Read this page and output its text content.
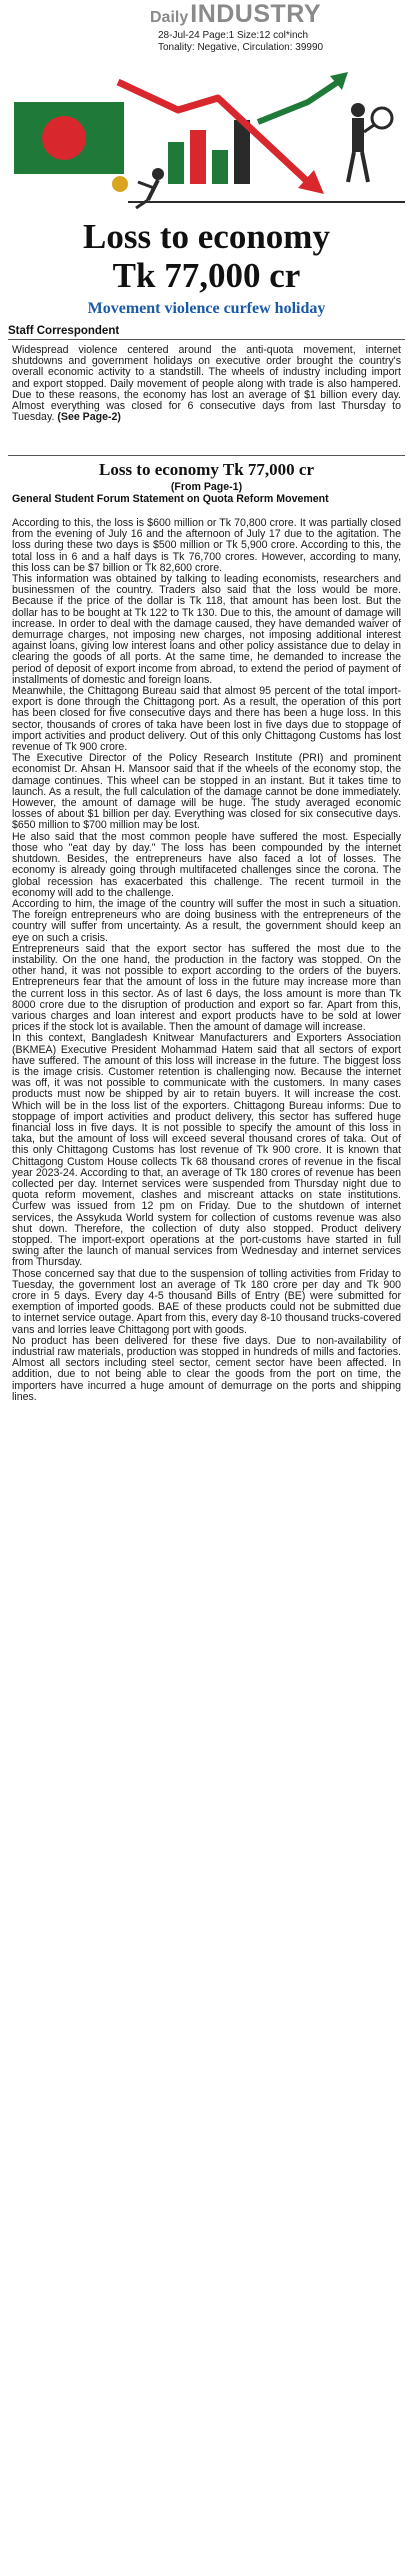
Daily INDUSTRY
28-Jul-24 Page:1 Size:12 col*inch
Tonality: Negative, Circulation: 39990
Loss to economy
Tk 77,000 cr
Movement violence curfew holiday
Staff Correspondent
Widespread violence centered around the anti-quota movement, internet shutdowns and government holidays on executive order brought the country's overall economic activity to a standstill. The wheels of industry including import and export stopped. Daily movement of people along with trade is also hampered. Due to these reasons, the economy has lost an average of $1 billion every day. Almost everything was closed for 6 consecutive days from last Thursday to Tuesday. (See Page-2)
Loss to economy Tk 77,000 cr
(From Page-1)
General Student Forum Statement on Quota Reform Movement

According to this, the loss is $600 million or Tk 70,800 crore. It was partially closed from the evening of July 16 and the afternoon of July 17 due to the agitation. The loss during these two days is $500 million or Tk 5,900 crore. According to this, the total loss in 6 and a half days is Tk 76,700 crores. However, according to many, this loss can be $7 billion or Tk 82,600 crore.

This information was obtained by talking to leading economists, researchers and businessmen of the country. Traders also said that the loss would be more. Because if the price of the dollar is Tk 118, that amount has been lost. But the dollar has to be bought at Tk 122 to Tk 130. Due to this, the amount of damage will increase. In order to deal with the damage caused, they have demanded waiver of demurrage charges, not imposing new charges, not imposing additional interest against loans, giving low interest loans and other policy assistance due to delay in clearing the goods of all ports. At the same time, he demanded to increase the period of deposit of export income from abroad, to extend the period of payment of installments of domestic and foreign loans.

Meanwhile, the Chittagong Bureau said that almost 95 percent of the total import-export is done through the Chittagong port. As a result, the operation of this port has been closed for five consecutive days and there has been a huge loss. In this sector, thousands of crores of taka have been lost in five days due to stoppage of import activities and product delivery. Out of this only Chittagong Customs has lost revenue of Tk 900 crore.

The Executive Director of the Policy Research Institute (PRI) and prominent economist Dr. Ahsan H. Mansoor said that if the wheels of the economy stop, the damage continues. This wheel can be stopped in an instant. But it takes time to launch. As a result, the full calculation of the damage cannot be done immediately. However, the amount of damage will be huge. The study averaged economic losses of about $1 billion per day. Everything was closed for six consecutive days. $650 million to $700 million may be lost.

He also said that the most common people have suffered the most. Especially those who "eat day by day." The loss has been compounded by the internet shutdown. Besides, the entrepreneurs have also faced a lot of losses. The economy is already going through multifaceted challenges since the corona. The global recession has exacerbated this challenge. The recent turmoil in the economy will add to the challenge.

According to him, the image of the country will suffer the most in such a situation. The foreign entrepreneurs who are doing business with the entrepreneurs of the country will suffer from uncertainty. As a result, the government should keep an eye on such a crisis.

Entrepreneurs said that the export sector has suffered the most due to the instability. On the one hand, the production in the factory was stopped. On the other hand, it was not possible to export according to the orders of the buyers. Entrepreneurs fear that the amount of loss in the future may increase more than the current loss in this sector. As of last 6 days, the loss amount is more than Tk 8000 crore due to the disruption of production and export so far. Apart from this, various charges and loan interest and export products have to be sold at lower prices if the stock lot is available. Then the amount of damage will increase.

In this context, Bangladesh Knitwear Manufacturers and Exporters Association (BKMEA) Executive President Mohammad Hatem said that all sectors of export have suffered. The amount of this loss will increase in the future. The biggest loss is the image crisis. Customer retention is challenging now. Because the internet was off, it was not possible to communicate with the customers. In many cases products must now be shipped by air to retain buyers. It will increase the cost. Which will be in the loss list of the exporters. Chittagong Bureau informs: Due to stoppage of import activities and product delivery, this sector has suffered huge financial loss in five days. It is not possible to specify the amount of this loss in taka, but the amount of loss will exceed several thousand crores of taka. Out of this only Chittagong Customs has lost revenue of Tk 900 crore. It is known that Chittagong Custom House collects Tk 68 thousand crores of revenue in the fiscal year 2023-24. According to that, an average of Tk 180 crores of revenue has been collected per day. Internet services were suspended from Thursday night due to quota reform movement, clashes and miscreant attacks on state institutions. Curfew was issued from 12 pm on Friday. Due to the shutdown of internet services, the Assykuda World system for collection of customs revenue was also shut down. Therefore, the collection of duty also stopped. Product delivery stopped. The import-export operations at the port-customs have started in full swing after the launch of manual services from Wednesday and internet services from Thursday.

Those concerned say that due to the suspension of tolling activities from Friday to Tuesday, the government lost an average of Tk 180 crore per day and Tk 900 crore in 5 days. Every day 4-5 thousand Bills of Entry (BE) were submitted for exemption of imported goods. BAE of these products could not be submitted due to internet service outage. Apart from this, every day 8-10 thousand trucks-covered vans and lorries leave Chittagong port with goods.

No product has been delivered for these five days. Due to non-availability of industrial raw materials, production was stopped in hundreds of mills and factories. Almost all sectors including steel sector, cement sector have been affected. In addition, due to not being able to clear the goods from the port on time, the importers have incurred a huge amount of demurrage on the ports and shipping lines.
